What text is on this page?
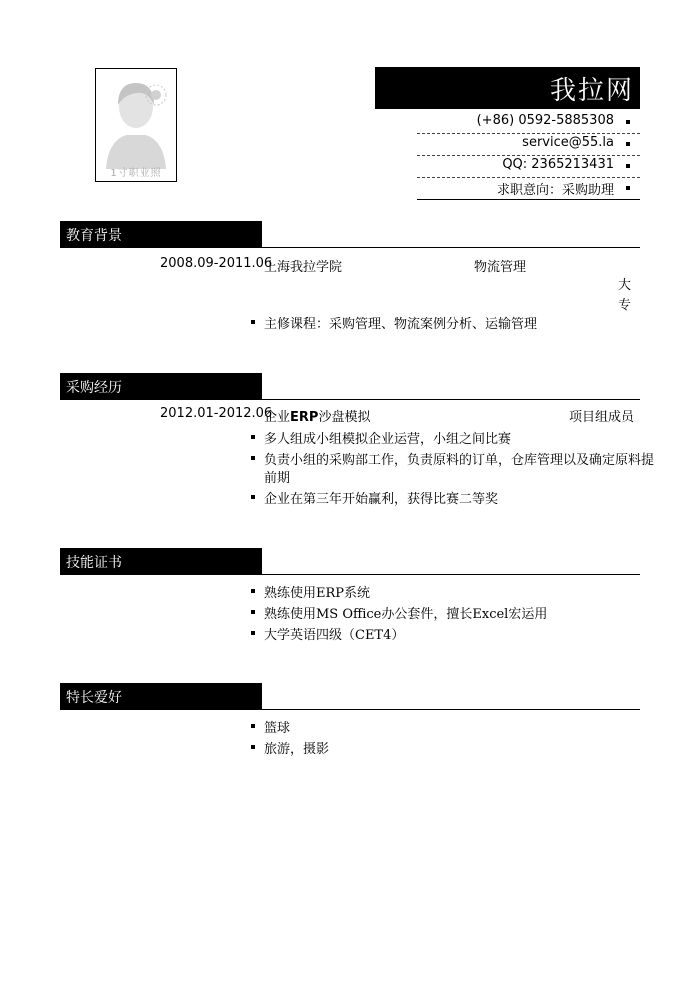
1寸职业照
我拉网
(+86) 0592-5885308
service@55.la
QQ: 2365213431
求职意向：采购助理
教育背景
2008.09-2011.06
上海我拉学院	物流管理
大
专
主修课程：采购管理、物流案例分析、运输管理
采购经历
2012.01-2012.06
企业ERP沙盘模拟	项目组成员
多人组成小组模拟企业运营，小组之间比赛
负责小组的采购部工作，负责原料的订单，仓库管理以及确定原料提
前期
企业在第三年开始赢利，获得比赛二等奖
技能证书
熟练使用ERP系统
熟练使用MS Office办公套件，擅长Excel宏运用
大学英语四级（CET4）
特长爱好
篮球
旅游，摄影
